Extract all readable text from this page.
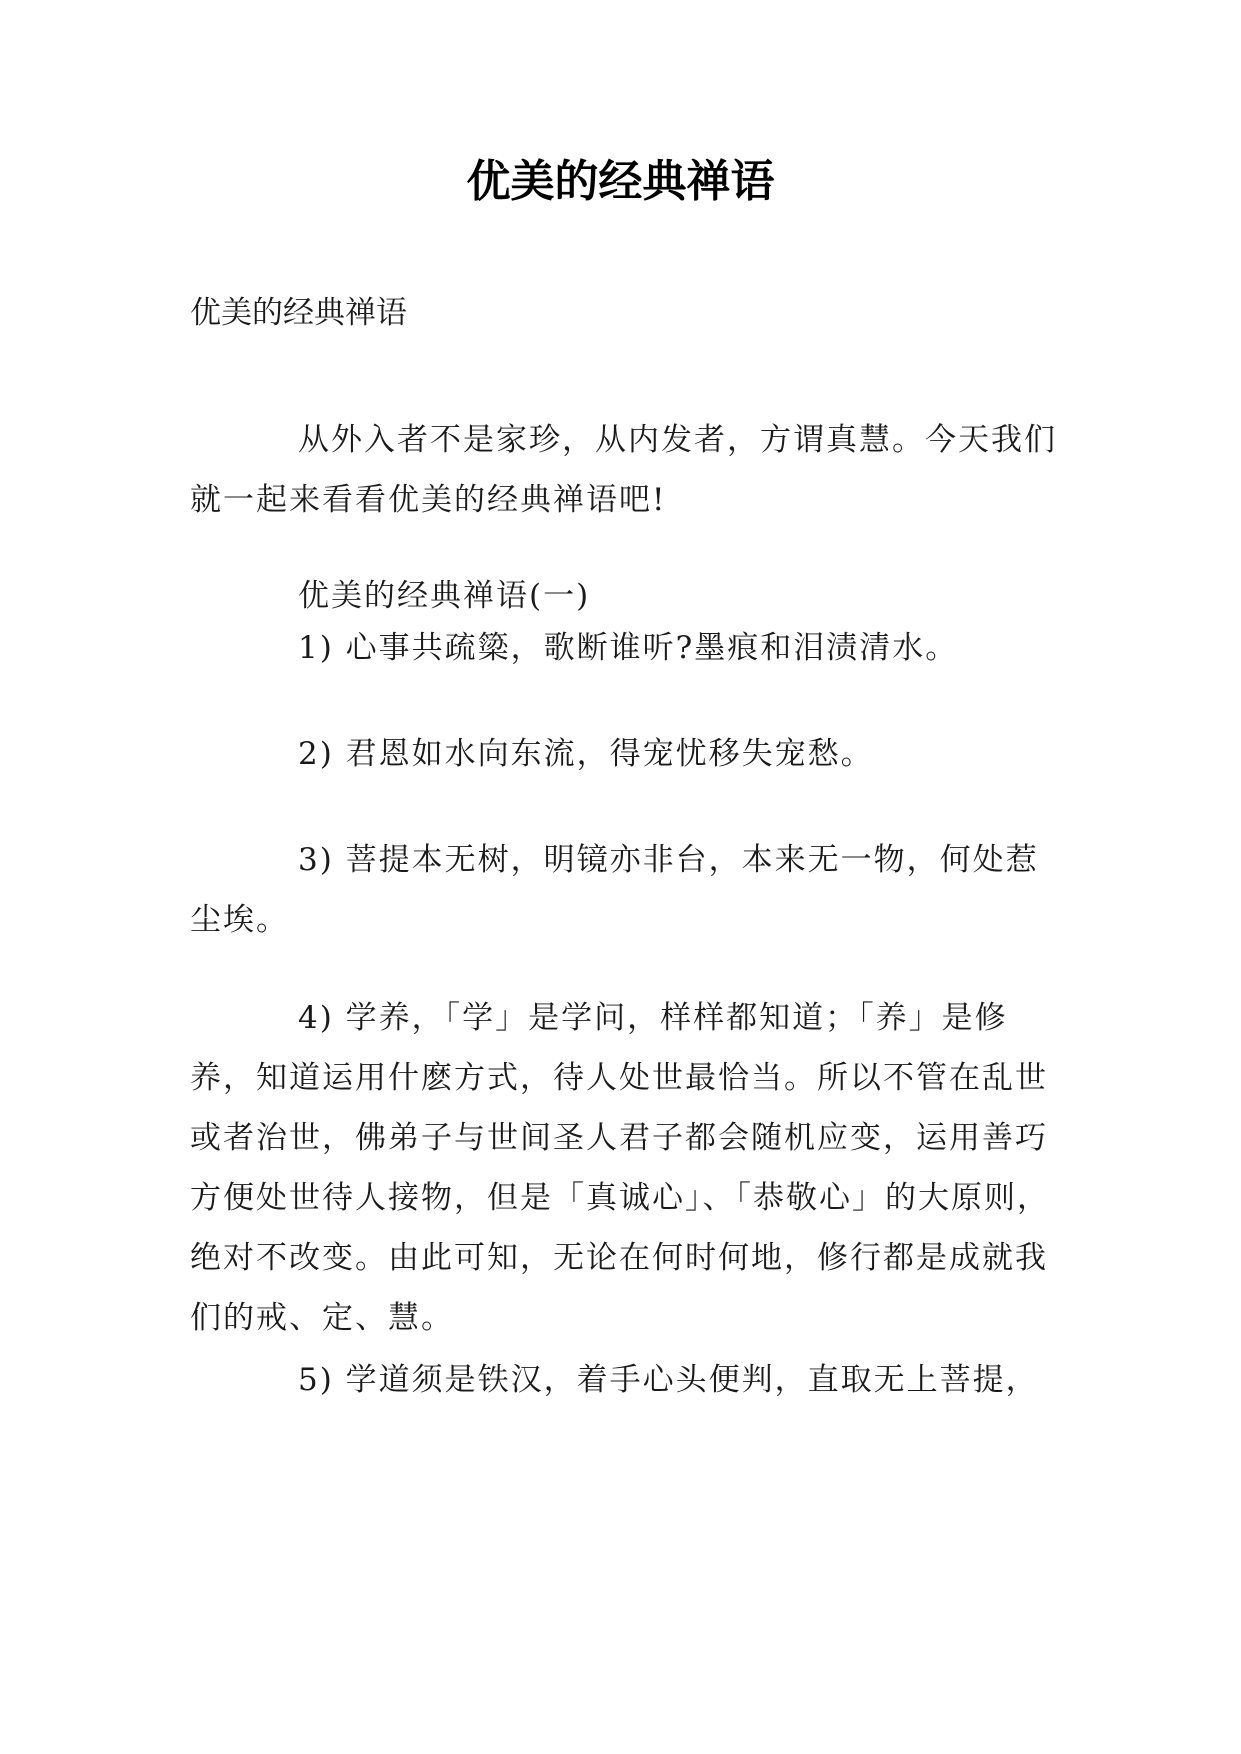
优美的经典禅语
优美的经典禅语

从外入者不是家珍，从内发者，方谓真慧。今天我们就一起来看看优美的经典禅语吧!

优美的经典禅语(一)
1) 心事共疏簗，歌断谁听?墨痕和泪渍清水。
2) 君恩如水向东流，得宠忧移失宠愁。

3) 菩提本无树，明镜亦非台，本来无一物，何处惹尘埃。

4) 学养，「学」是学问，样样都知道；「养」是修养，知道运用什麽方式，待人处世最恰当。所以不管在乱世或者治世，佛弟子与世间圣人君子都会随机应变，运用善巧方便处世待人接物，但是「真诚心」、「恭敬心」的大原则，绝对不改变。由此可知，无论在何时何地，修行都是成就我们的戒、定、慧。

5) 学道须是铁汉，着手心头便判，直取无上菩提，
